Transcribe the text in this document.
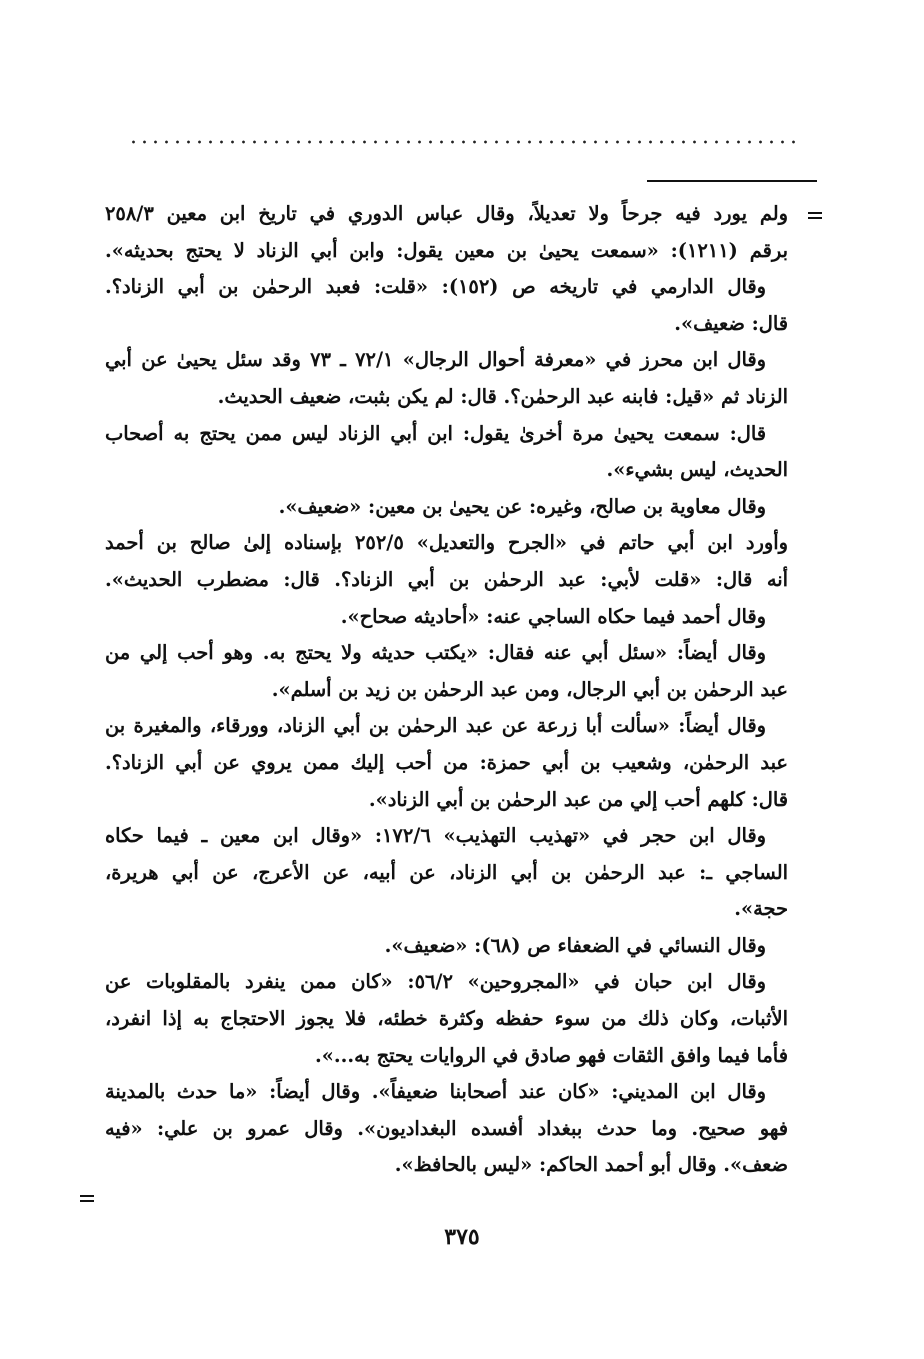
ولم يورد فيه جرحاً ولا تعديلاً، وقال عباس الدوري في تاريخ ابن معين ٢٥٨/٣
برقم (١٢١١): «سمعت يحيىٰ بن معين يقول: وابن أبي الزناد لا يحتج بحديثه».
وقال الدارمي في تاريخه ص (١٥٢): «قلت: فعبد الرحمٰن بن أبي الزناد؟.
قال: ضعيف».
وقال ابن محرز في «معرفة أحوال الرجال» ٧٢/١ ـ ٧٣ وقد سئل يحيىٰ عن أبي
الزناد ثم «قيل: فابنه عبد الرحمٰن؟. قال: لم يكن بثبت، ضعيف الحديث.
قال: سمعت يحيىٰ مرة أخرىٰ يقول: ابن أبي الزناد ليس ممن يحتج به أصحاب
الحديث، ليس بشيء».
وقال معاوية بن صالح، وغيره: عن يحيىٰ بن معين: «ضعيف».
وأورد ابن أبي حاتم في «الجرح والتعديل» ٢٥٢/٥ بإسناده إلىٰ صالح بن أحمد
أنه قال: «قلت لأبي: عبد الرحمٰن بن أبي الزناد؟. قال: مضطرب الحديث».
وقال أحمد فيما حكاه الساجي عنه: «أحاديثه صحاح».
وقال أيضاً: «سئل أبي عنه فقال: «يكتب حديثه ولا يحتج به. وهو أحب إلي من
عبد الرحمٰن بن أبي الرجال، ومن عبد الرحمٰن بن زيد بن أسلم».
وقال أيضاً: «سألت أبا زرعة عن عبد الرحمٰن بن أبي الزناد، وورقاء، والمغيرة بن
عبد الرحمٰن، وشعيب بن أبي حمزة: من أحب إليك ممن يروي عن أبي الزناد؟.
قال: كلهم أحب إلي من عبد الرحمٰن بن أبي الزناد».
وقال ابن حجر في «تهذيب التهذيب» ١٧٢/٦: «وقال ابن معين ـ فيما حكاه
الساجي ـ: عبد الرحمٰن بن أبي الزناد، عن أبيه، عن الأعرج، عن أبي هريرة،
حجة».
وقال النسائي في الضعفاء ص (٦٨): «ضعيف».
وقال ابن حبان في «المجروحين» ٥٦/٢: «كان ممن ينفرد بالمقلوبات عن
الأثبات، وكان ذلك من سوء حفظه وكثرة خطئه، فلا يجوز الاحتجاج به إذا انفرد،
فأما فيما وافق الثقات فهو صادق في الروايات يحتج به...».
وقال ابن المديني: «كان عند أصحابنا ضعيفاً». وقال أيضاً: «ما حدث بالمدينة
فهو صحيح. وما حدث ببغداد أفسده البغداديون». وقال عمرو بن علي: «فيه
ضعف». وقال أبو أحمد الحاكم: «ليس بالحافظ».
٣٧٥
